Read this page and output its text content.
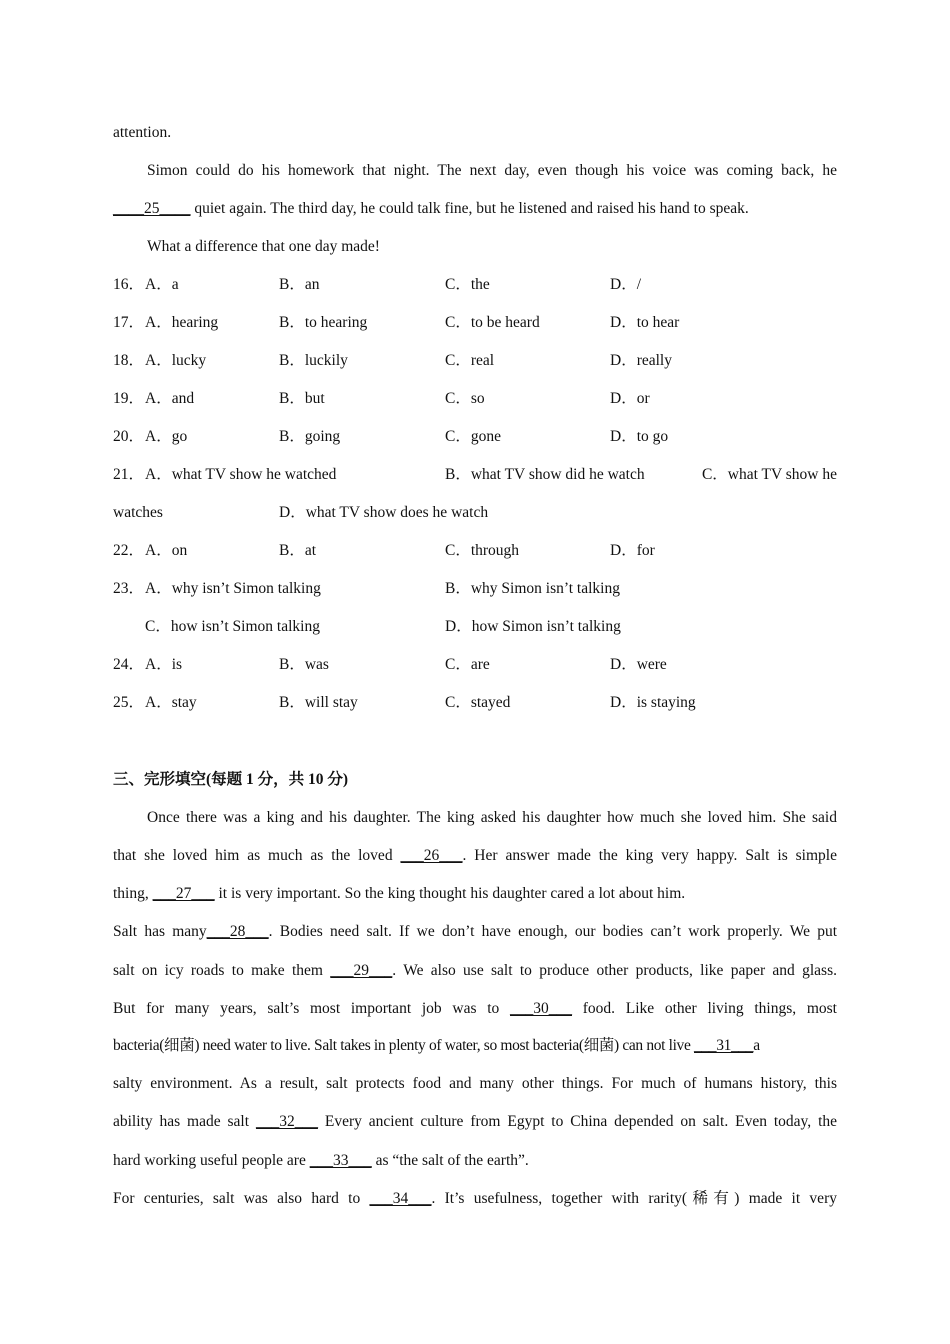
attention.
Simon could do his homework that night. The next day, even though his voice was coming back, he
____25____ quiet again. The third day, he could talk fine, but he listened and raised his hand to speak.
What a difference that one day made!
16． A．a	B．an	C．the	D．/
17． A．hearing	B．to hearing	C．to be heard	D．to hear
18． A．lucky	B．luckily	C．real	D．really
19． A．and	B．but	C．so	D．or
20． A．go	B．going	C．gone	D．to go
21． A．what TV show he watched	B．what TV show did he watch	C．what TV show he
watches	D．what TV show does he watch
22． A．on	B．at	C．through	D．for
23． A．why isn’t Simon talking	B．why Simon isn’t talking
C．how isn’t Simon talking	D．how Simon isn’t talking
24． A．is	B．was	C．are	D．were
25． A．stay	B．will stay	C．stayed	D．is staying
三、完形填空(每题 1 分，共 10 分)
Once there was a king and his daughter. The king asked his daughter how much she loved him. She said
that she loved him as much as the loved ___26___. Her answer made the king very happy. Salt is simple
thing, ___27___ it is very important. So the king thought his daughter cared a lot about him.
Salt has many___28___. Bodies need salt. If we don’t have enough, our bodies can’t work properly. We put
salt on icy roads to make them ___29___. We also use salt to produce other products, like paper and glass.
But for many years, salt’s most important job was to ___30___ food. Like other living things, most
bacteria(细菌) need water to live. Salt takes in plenty of water, so most bacteria(细菌) can not live ___31___a
salty environment. As a result, salt protects food and many other things. For much of humans history, this
ability has made salt ___32___ Every ancient culture from Egypt to China depended on salt. Even today, the
hard working useful people are ___33___ as “the salt of the earth”.
For centuries, salt was also hard to ___34___. It’s usefulness, together with rarity(稀有) made it very
